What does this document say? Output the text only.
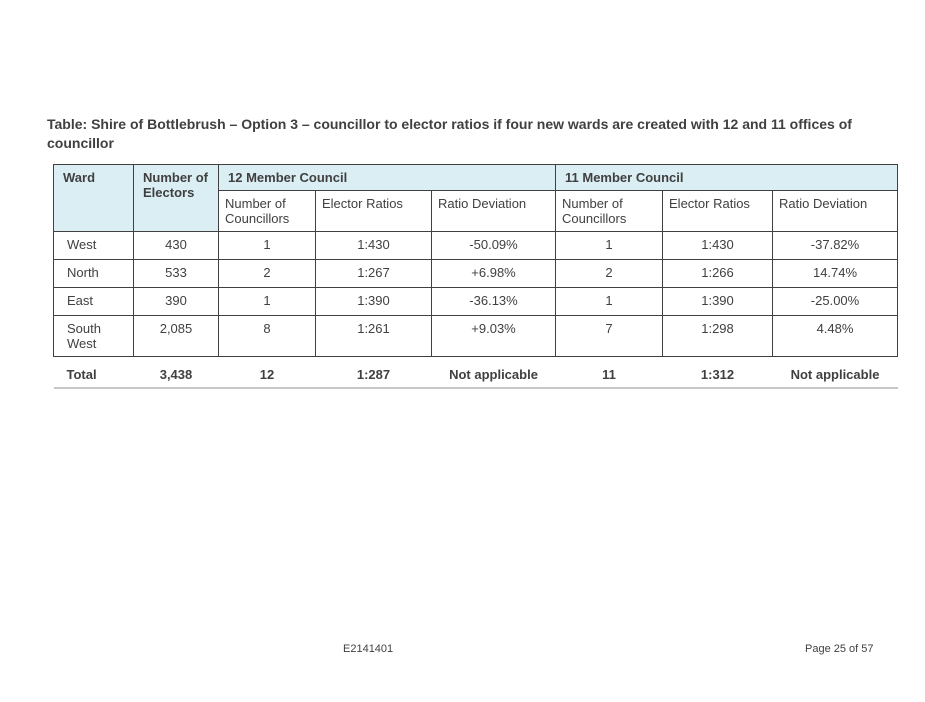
Table: Shire of Bottlebrush – Option 3 – councillor to elector ratios if four new wards are created with 12 and 11 offices of councillor
Ward	Number of Electors	12 Member Council			11 Member Council		
		Number of Councillors	Elector Ratios	Ratio Deviation	Number of Councillors	Elector Ratios	Ratio Deviation
West	430	1	1:430	-50.09%	1	1:430	-37.82%
North	533	2	1:267	+6.98%	2	1:266	14.74%
East	390	1	1:390	-36.13%	1	1:390	-25.00%
South West	2,085	8	1:261	+9.03%	7	1:298	4.48%
Total	3,438	12	1:287	Not applicable	11	1:312	Not applicable
E2141401	Page 25 of 57
